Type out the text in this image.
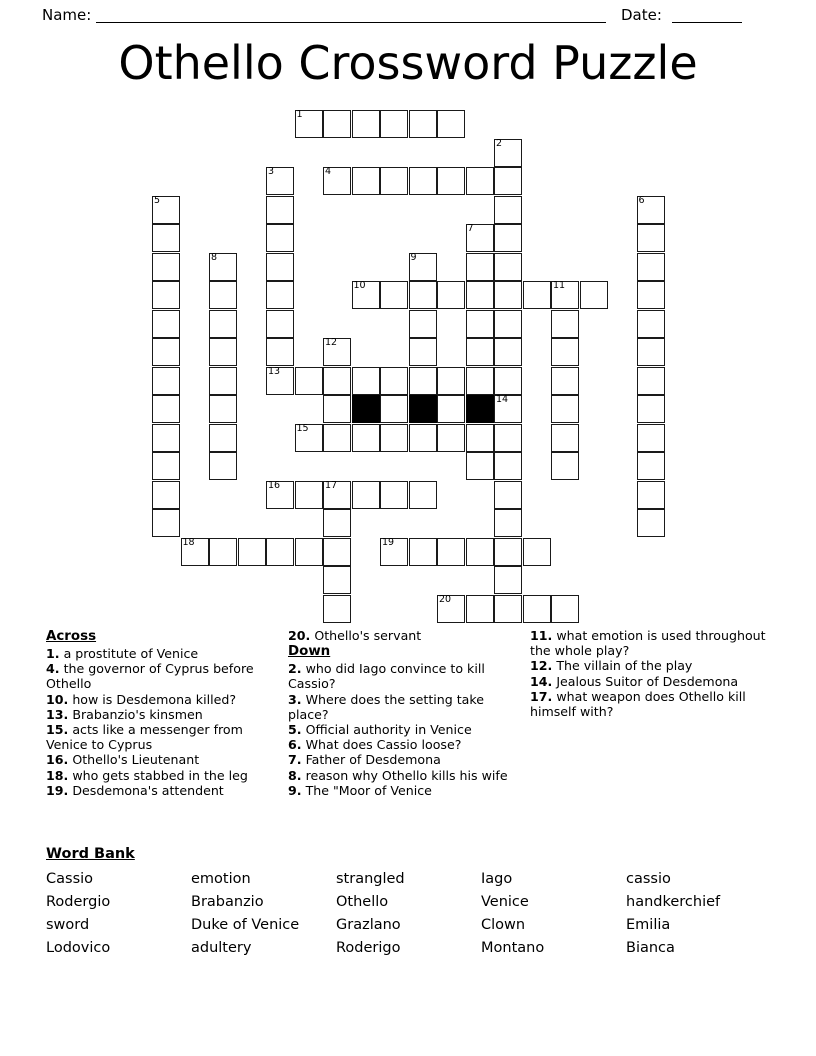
Name:	Date:
Othello Crossword Puzzle
1
2
3	4
5	6
7
8	9
10	11
12
13
14
15
16	17
18	19
20
Across

1. a prostitute of Venice

4. the governor of Cyprus before Othello

10. how is Desdemona killed?

13. Brabanzio's kinsmen

15. acts like a messenger from Venice to Cyprus

16. Othello's Lieutenant

18. who gets stabbed in the leg

19. Desdemona's attendent

20. Othello's servant

Down

2. who did Iago convince to kill Cassio?

3. Where does the setting take place?

5. Official authority in Venice

6. What does Cassio loose?

7. Father of Desdemona

8. reason why Othello kills his wife

9. The "Moor of Venice

11. what emotion is used throughout the whole play?

12. The villain of the play

14. Jealous Suitor of Desdemona

17. what weapon does Othello kill himself with?

Word Bank
Cassio	emotion	strangled	Iago	cassio
Rodergio	Brabanzio	Othello	Venice	handkerchief
sword	Duke of Venice	Grazlano	Clown	Emilia
Lodovico	adultery	Roderigo	Montano	Bianca
